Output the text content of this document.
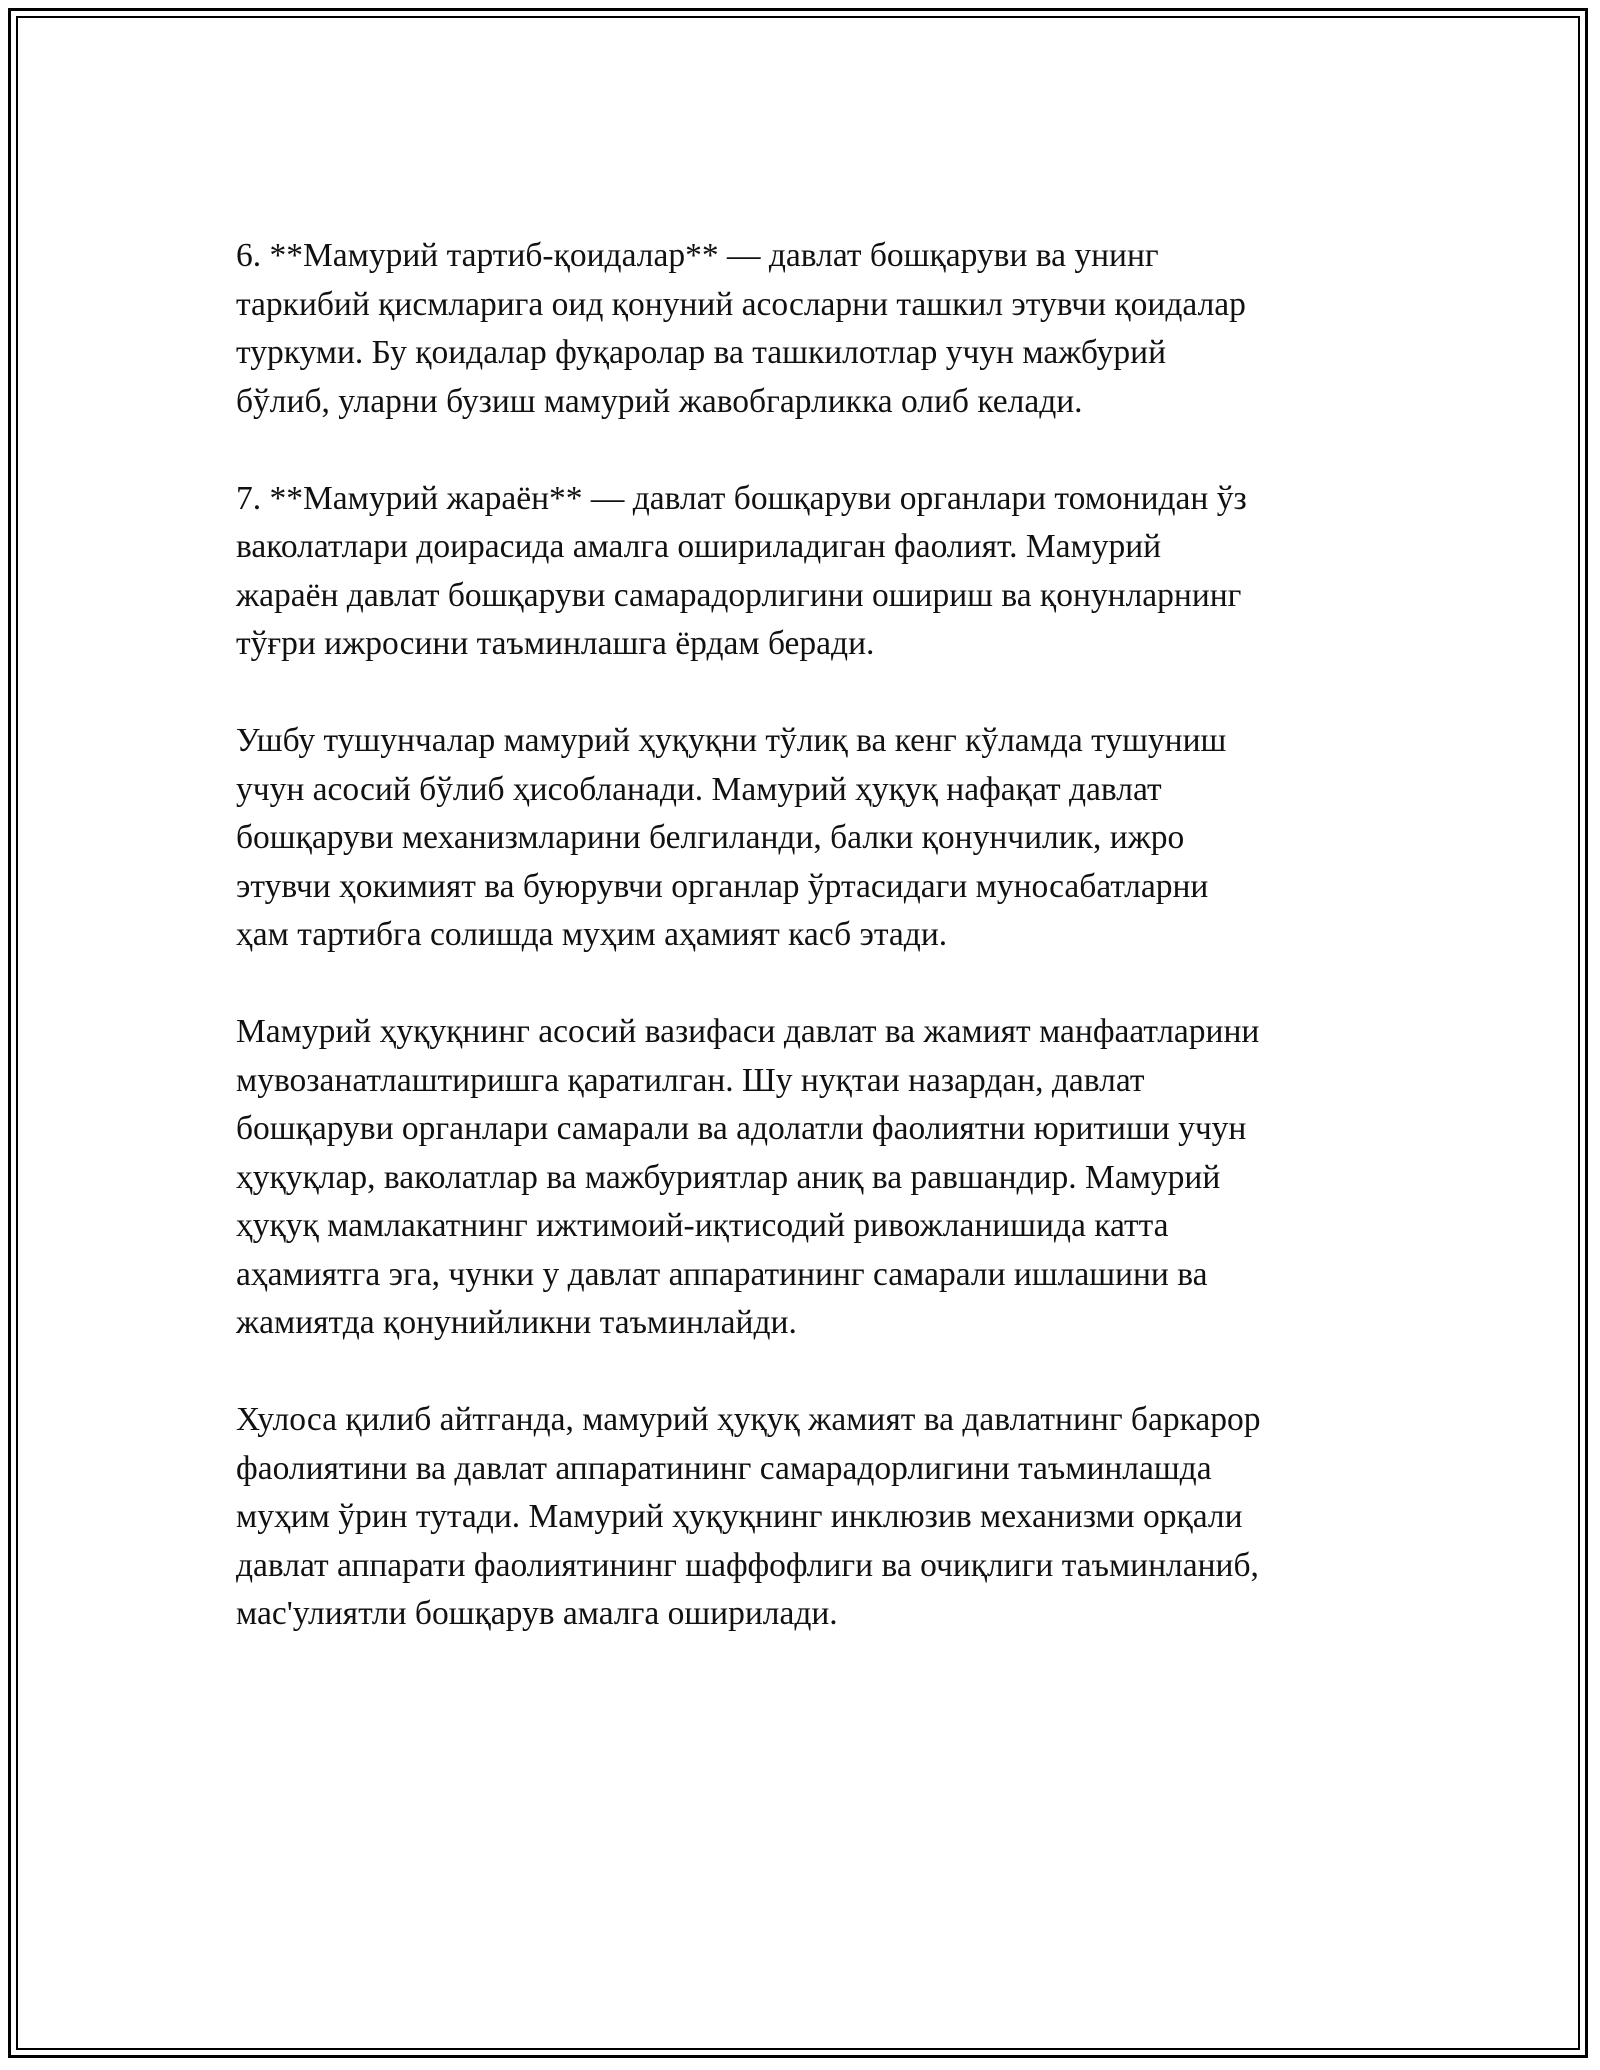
6. **Мамурий тартиб-қоидалар** — давлат бошқаруви ва унинг
таркибий қисмларига оид қонуний асосларни ташкил этувчи қоидалар
туркуми. Бу қоидалар фуқаролар ва ташкилотлар учун мажбурий
бўлиб, уларни бузиш мамурий жавобгарликка олиб келади.

7. **Мамурий жараён** — давлат бошқаруви органлари томонидан ўз
ваколатлари доирасида амалга ошириладиган фаолият. Мамурий
жараён давлат бошқаруви самарадорлигини ошириш ва қонунларнинг
тўғри ижросини таъминлашга ёрдам беради.

Ушбу тушунчалар мамурий ҳуқуқни тўлиқ ва кенг кўламда тушуниш
учун асосий бўлиб ҳисобланади. Мамурий ҳуқуқ нафақат давлат
бошқаруви механизмларини белгиланди, балки қонунчилик, ижро
этувчи ҳокимият ва буюрувчи органлар ўртасидаги муносабатларни
ҳам тартибга солишда муҳим аҳамият касб этади.

Мамурий ҳуқуқнинг асосий вазифаси давлат ва жамият манфаатларини
мувозанатлаштиришга қаратилган. Шу нуқтаи назардан, давлат
бошқаруви органлари самарали ва адолатли фаолиятни юритиши учун
ҳуқуқлар, ваколатлар ва мажбуриятлар аниқ ва равшандир. Мамурий
ҳуқуқ мамлакатнинг ижтимоий-иқтисодий ривожланишида катта
аҳамиятга эга, чунки у давлат аппаратининг самарали ишлашини ва
жамиятда қонунийликни таъминлайди.

Хулоса қилиб айтганда, мамурий ҳуқуқ жамият ва давлатнинг баркарор
фаолиятини ва давлат аппаратининг самарадорлигини таъминлашда
муҳим ўрин тутади. Мамурий ҳуқуқнинг инклюзив механизми орқали
давлат аппарати фаолиятининг шаффофлиги ва очиқлиги таъминланиб,
мас'улиятли бошқарув амалга оширилади.
